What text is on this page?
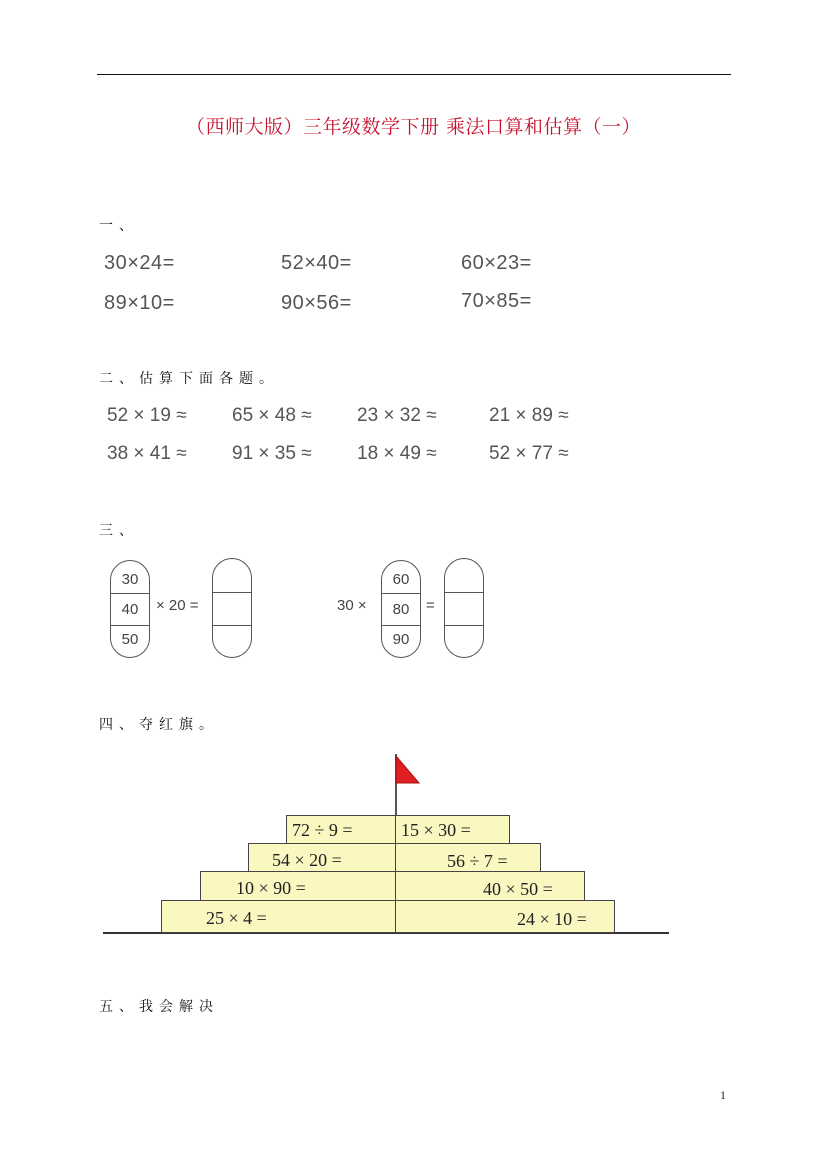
（西师大版）三年级数学下册 乘法口算和估算（一）
一、
30×24=	52×40=	60×23=
89×10=	90×56=	70×85=
二、估算下面各题。
52 × 19 ≈ 65 × 48 ≈ 23 × 32 ≈	21 × 89 ≈
38 × 41 ≈ 91 × 35 ≈ 18 × 49 ≈	52 × 77 ≈
三、
30
40
50
× 20 =	30 ×
60
80
90
=
四、夺红旗。
72 ÷ 9 =	15 × 30 =
54 × 20 =	56 ÷ 7 =
10 × 90 =	40 × 50 =
25 × 4 =	24 × 10 =
五、我会解决
1
